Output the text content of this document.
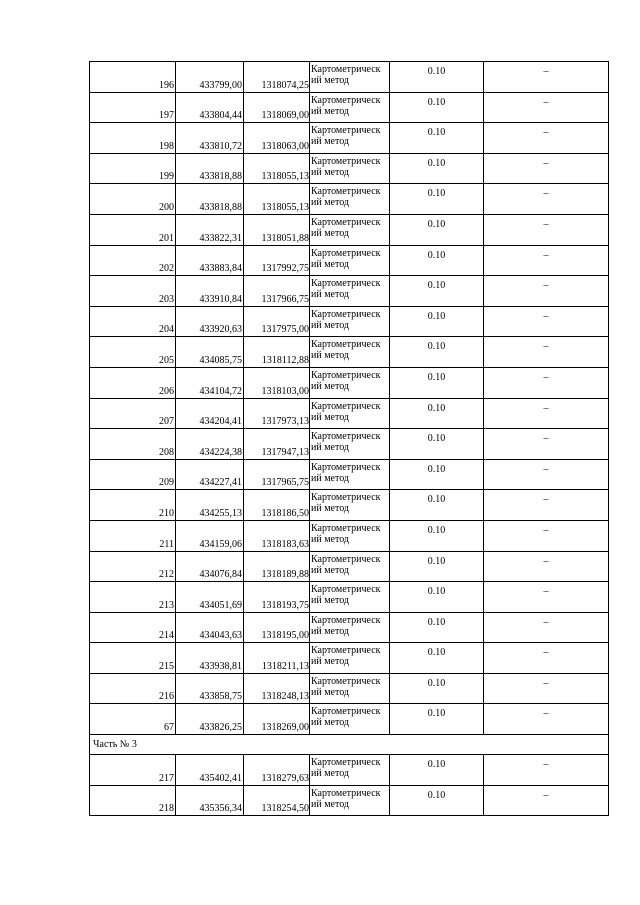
196	433799,00	1318074,25	Картометрическ
ий метод	0.10	–
197	433804,44	1318069,00	Картометрическ
ий метод	0.10	–
198	433810,72	1318063,00	Картометрическ
ий метод	0.10	–
199	433818,88	1318055,13	Картометрическ
ий метод	0.10	–
200	433818,88	1318055,13	Картометрическ
ий метод	0.10	–
201	433822,31	1318051,88	Картометрическ
ий метод	0.10	–
202	433883,84	1317992,75	Картометрическ
ий метод	0.10	–
203	433910,84	1317966,75	Картометрическ
ий метод	0.10	–
204	433920,63	1317975,00	Картометрическ
ий метод	0.10	–
205	434085,75	1318112,88	Картометрическ
ий метод	0.10	–
206	434104,72	1318103,00	Картометрическ
ий метод	0.10	–
207	434204,41	1317973,13	Картометрическ
ий метод	0.10	–
208	434224,38	1317947,13	Картометрическ
ий метод	0.10	–
209	434227,41	1317965,75	Картометрическ
ий метод	0.10	–
210	434255,13	1318186,50	Картометрическ
ий метод	0.10	–
211	434159,06	1318183,63	Картометрическ
ий метод	0.10	–
212	434076,84	1318189,88	Картометрическ
ий метод	0.10	–
213	434051,69	1318193,75	Картометрическ
ий метод	0.10	–
214	434043,63	1318195,00	Картометрическ
ий метод	0.10	–
215	433938,81	1318211,13	Картометрическ
ий метод	0.10	–
216	433858,75	1318248,13	Картометрическ
ий метод	0.10	–
67	433826,25	1318269,00	Картометрическ
ий метод	0.10	–
Часть № 3					
217	435402,41	1318279,63	Картометрическ
ий метод	0.10	–
218	435356,34	1318254,50	Картометрическ
ий метод	0.10	–
